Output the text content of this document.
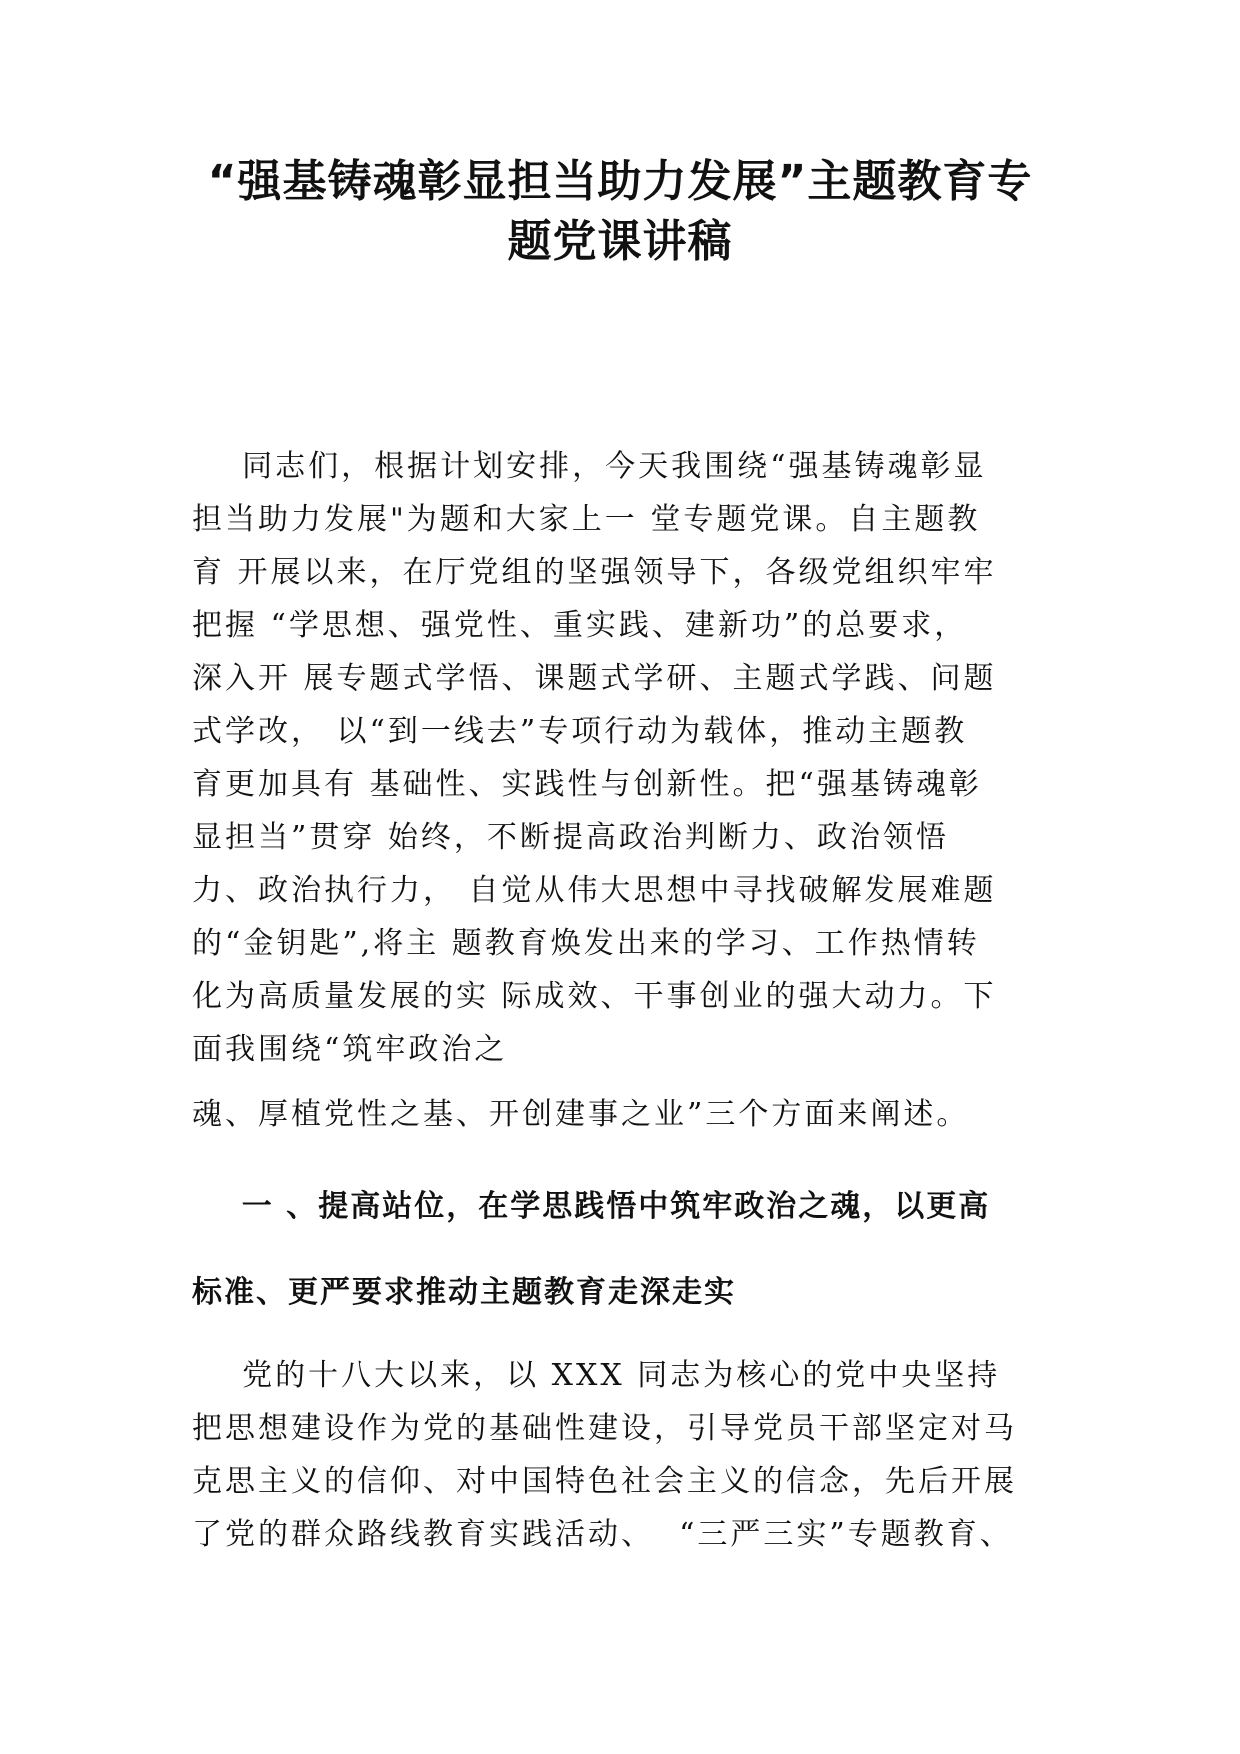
“强基铸魂彰显担当助力发展”主题教育专
题党课讲稿
同志们，根据计划安排，今天我围绕“强基铸魂彰显
担当助力发展"为题和大家上一 堂专题党课。自主题教
育 开展以来，在厅党组的坚强领导下，各级党组织牢牢
把握 “学思想、强党性、重实践、建新功”的总要求，
深入开 展专题式学悟、课题式学研、主题式学践、问题
式学改， 以“到一线去”专项行动为载体，推动主题教
育更加具有 基础性、实践性与创新性。把“强基铸魂彰
显担当”贯穿 始终，不断提高政治判断力、政治领悟
力、政治执行力， 自觉从伟大思想中寻找破解发展难题
的“金钥匙”,将主 题教育焕发出来的学习、工作热情转
化为高质量发展的实 际成效、干事创业的强大动力。下
面我围绕“筑牢政治之
魂、厚植党性之基、开创建事之业”三个方面来阐述。
一 、提高站位，在学思践悟中筑牢政治之魂，以更高
标准、更严要求推动主题教育走深走实
党的十八大以来，以 XXX 同志为核心的党中央坚持
把思想建设作为党的基础性建设，引导党员干部坚定对马
克思主义的信仰、对中国特色社会主义的信念，先后开展
了党的群众路线教育实践活动、  “三严三实”专题教育、
